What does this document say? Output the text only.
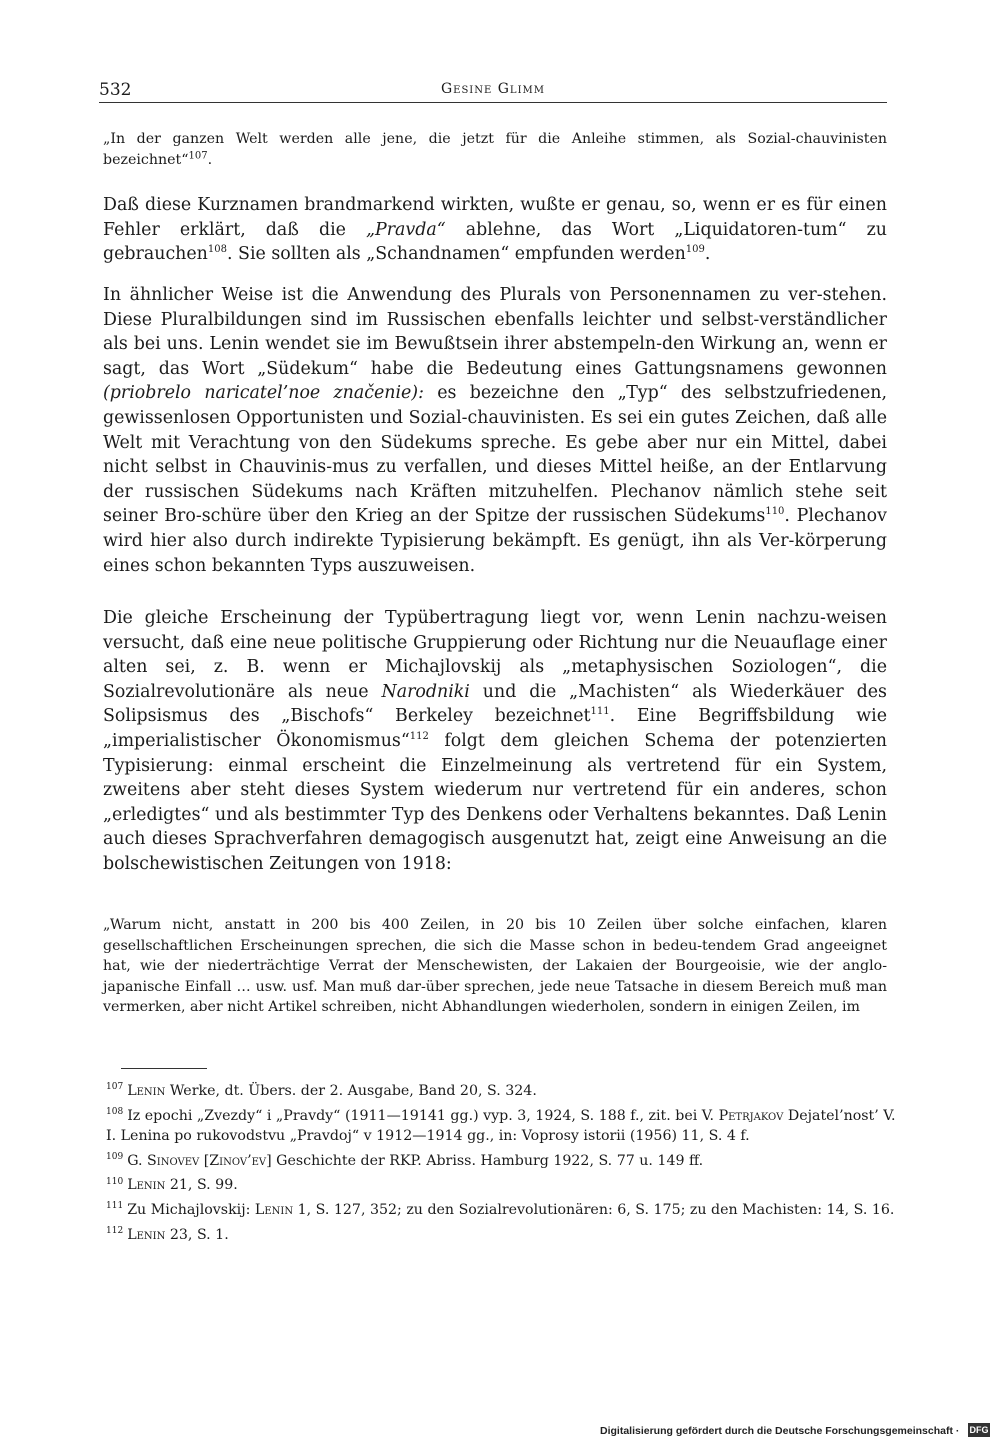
532	Gesine Glimm
„In der ganzen Welt werden alle jene, die jetzt für die Anleihe stimmen, als Sozial-chauvinisten bezeichnet“$^{107}$.
Daß diese Kurznamen brandmarkend wirkten, wußte er genau, so, wenn er es für einen Fehler erklärt, daß die „Pravda“ ablehne, das Wort „Liquidatoren-tum“ zu gebrauchen$^{108}$. Sie sollten als „Schandnamen“ empfunden werden$^{109}$.
In ähnlicher Weise ist die Anwendung des Plurals von Personennamen zu ver-stehen. Diese Pluralbildungen sind im Russischen ebenfalls leichter und selbst-verständlicher als bei uns. Lenin wendet sie im Bewußtsein ihrer abstempeln-den Wirkung an, wenn er sagt, das Wort „Südekum“ habe die Bedeutung eines Gattungsnamens gewonnen (priobrelo naricatel’noe značenie): es bezeichne den „Typ“ des selbstzufriedenen, gewissenlosen Opportunisten und Sozial-chauvinisten. Es sei ein gutes Zeichen, daß alle Welt mit Verachtung von den Südekums spreche. Es gebe aber nur ein Mittel, dabei nicht selbst in Chauvinis-mus zu verfallen, und dieses Mittel heiße, an der Entlarvung der russischen Südekums nach Kräften mitzuhelfen. Plechanov nämlich stehe seit seiner Bro-schüre über den Krieg an der Spitze der russischen Südekums$^{110}$. Plechanov wird hier also durch indirekte Typisierung bekämpft. Es genügt, ihn als Ver-körperung eines schon bekannten Typs auszuweisen.
Die gleiche Erscheinung der Typübertragung liegt vor, wenn Lenin nachzu-weisen versucht, daß eine neue politische Gruppierung oder Richtung nur die Neuauflage einer alten sei, z. B. wenn er Michajlovskij als „metaphysischen Soziologen“, die Sozialrevolutionäre als neue Narodniki und die „Machisten“ als Wiederkäuer des Solipsismus des „Bischofs“ Berkeley bezeichnet$^{111}$. Eine Begriffsbildung wie „imperialistischer Ökonomismus“$^{112}$ folgt dem gleichen Schema der potenzierten Typisierung: einmal erscheint die Einzelmeinung als vertretend für ein System, zweitens aber steht dieses System wiederum nur vertretend für ein anderes, schon „erledigtes“ und als bestimmter Typ des Denkens oder Verhaltens bekanntes. Daß Lenin auch dieses Sprachverfahren demagogisch ausgenutzt hat, zeigt eine Anweisung an die bolschewistischen Zeitungen von 1918:
„Warum nicht, anstatt in 200 bis 400 Zeilen, in 20 bis 10 Zeilen über solche einfachen, klaren gesellschaftlichen Erscheinungen sprechen, die sich die Masse schon in bedeu-tendem Grad angeeignet hat, wie der niederträchtige Verrat der Menschewisten, der Lakaien der Bourgeoisie, wie der anglo-japanische Einfall … usw. usf. Man muß dar-über sprechen, jede neue Tatsache in diesem Bereich muß man vermerken, aber nicht Artikel schreiben, nicht Abhandlungen wiederholen, sondern in einigen Zeilen, im
$^{107}$ Lenin Werke, dt. Übers. der 2. Ausgabe, Band 20, S. 324.
$^{108}$ Iz epochi „Zvezdy“ i „Pravdy“ (1911—19141 gg.) vyp. 3, 1924, S. 188 f., zit. bei V. Petrjakov Dejatel’nost’ V. I. Lenina po rukovodstvu „Pravdoj“ v 1912—1914 gg., in: Voprosy istorii (1956) 11, S. 4 f.
$^{109}$ G. Sinovev [Zinov’ev] Geschichte der RKP. Abriss. Hamburg 1922, S. 77 u. 149 ff.
$^{110}$ Lenin 21, S. 99.
$^{111}$ Zu Michajlovskij: Lenin 1, S. 127, 352; zu den Sozialrevolutionären: 6, S. 175; zu den Machisten: 14, S. 16.
$^{112}$ Lenin 23, S. 1.
Digitalisierung gefördert durch die Deutsche Forschungsgemeinschaft · DFG
